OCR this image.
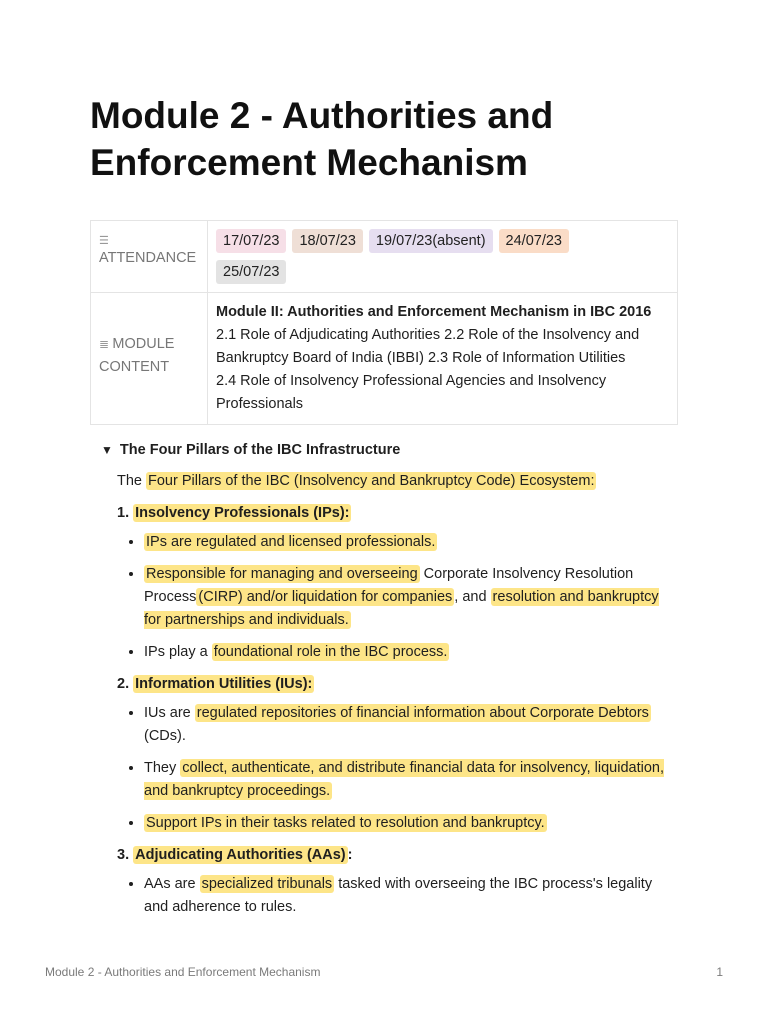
Module 2 - Authorities and Enforcement Mechanism
☰
ATTENDANCE	17/07/23 18/07/23 19/07/23(absent) 24/07/23
25/07/23
≣ MODULE CONTENT	Module II: Authorities and Enforcement Mechanism in IBC 2016
2.1 Role of Adjudicating Authorities 2.2 Role of the Insolvency and Bankruptcy Board of India (IBBI) 2.3 Role of Information Utilities
2.4 Role of Insolvency Professional Agencies and Insolvency Professionals
▼ The Four Pillars of the IBC Infrastructure
The Four Pillars of the IBC (Insolvency and Bankruptcy Code) Ecosystem:
1. Insolvency Professionals (IPs):
• IPs are regulated and licensed professionals.
• Responsible for managing and overseeing Corporate Insolvency Resolution Process (CIRP) and/or liquidation for companies , and resolution and bankruptcy for partnerships and individuals.
• IPs play a foundational role in the IBC process.
2. Information Utilities (IUs):
• IUs are regulated repositories of financial information about Corporate Debtors (CDs).
• They collect, authenticate, and distribute financial data for insolvency, liquidation, and bankruptcy proceedings.
• Support IPs in their tasks related to resolution and bankruptcy.
3. Adjudicating Authorities (AAs) :
• AAs are specialized tribunals tasked with overseeing the IBC process's legality and adherence to rules.
Module 2 - Authorities and Enforcement Mechanism	1
